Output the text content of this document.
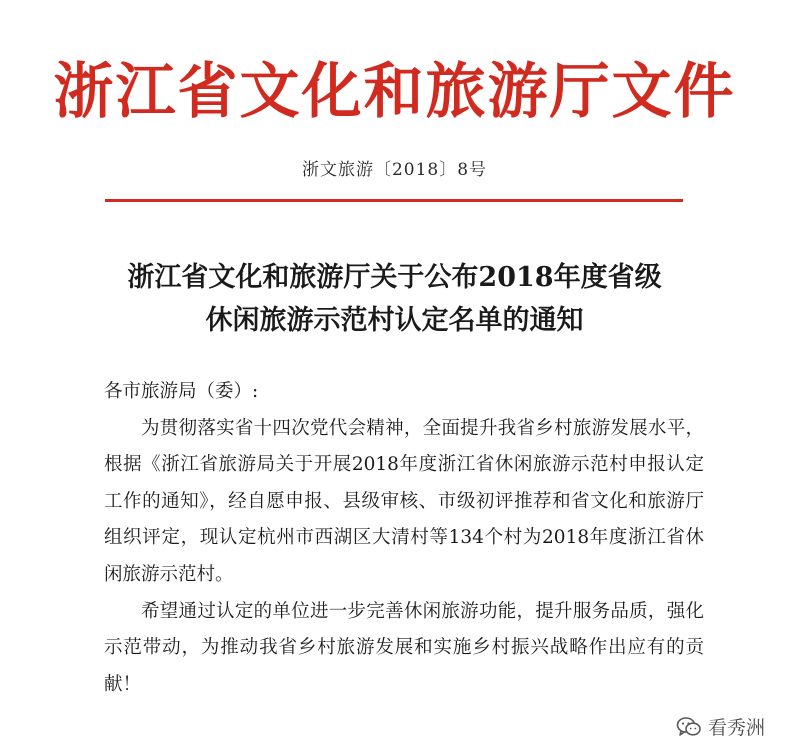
浙江省文化和旅游厅文件
浙文旅游〔2018〕8号
浙江省文化和旅游厅关于公布2018年度省级
休闲旅游示范村认定名单的通知

各市旅游局（委）:

为贯彻落实省十四次党代会精神，全面提升我省乡村旅游发展水平，根据《浙江省旅游局关于开展2018年度浙江省休闲旅游示范村申报认定工作的通知》，经自愿申报、县级审核、市级初评推荐和省文化和旅游厅组织评定，现认定杭州市西湖区大清村等134个村为2018年度浙江省休闲旅游示范村。

希望通过认定的单位进一步完善休闲旅游功能，提升服务品质，强化示范带动，为推动我省乡村旅游发展和实施乡村振兴战略作出应有的贡献！

看秀洲
